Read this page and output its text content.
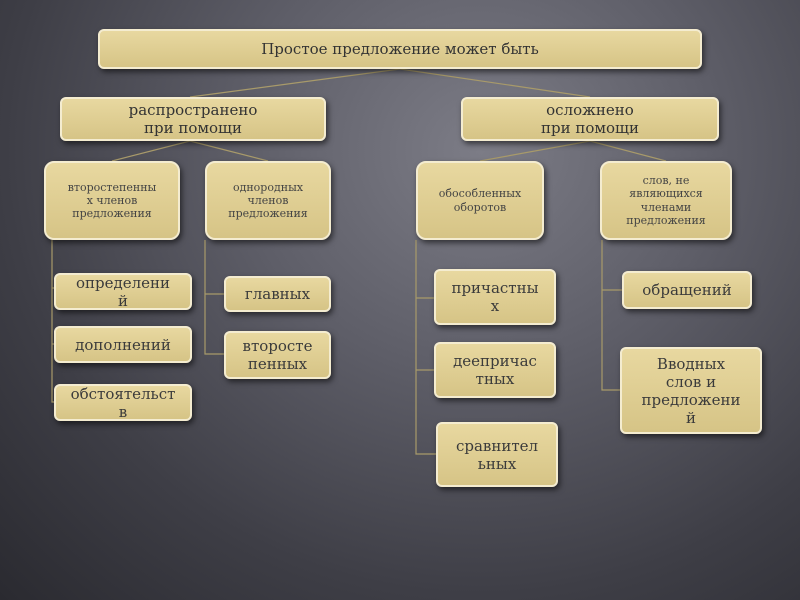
Простое предложение может быть
распространено
при помощи
осложнено
при помощи
второстепенны
х членов
предложения
однородных
членов
предложения
обособленных
оборотов
слов, не
являющихся
членами
предложения
определени
й
дополнений
обстоятельст
в
главных
второсте
пенных
причастны
х
деепричас
тных
сравнител
ьных
обращений
Вводных
слов и
предложени
й
